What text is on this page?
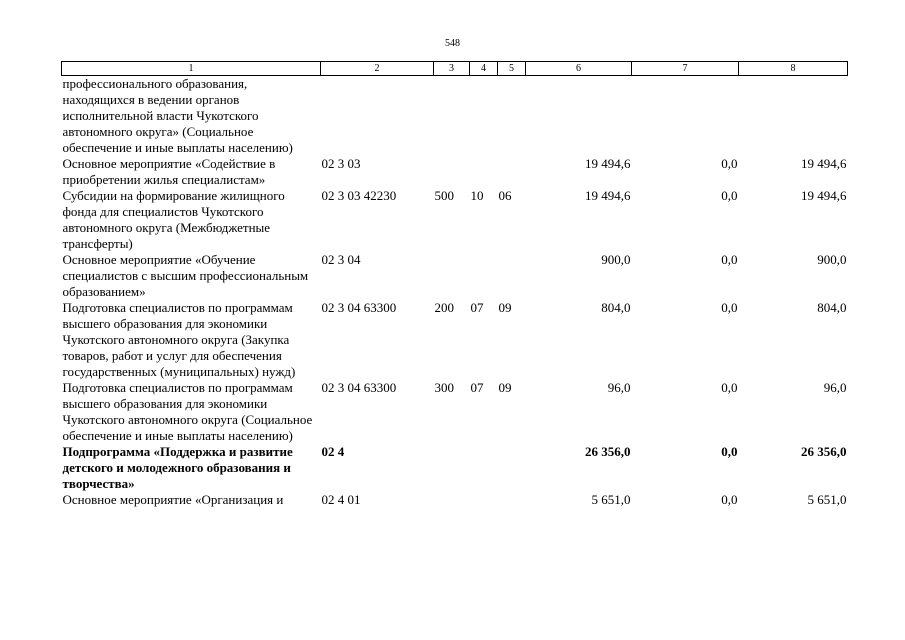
548
1	2	3	4	5	6	7	8
профессионального образования, находящихся в ведении органов исполнительной власти Чукотского автономного округа» (Социальное обеспечение и иные выплаты населению)							
Основное мероприятие «Содействие в приобретении жилья специалистам»	02 3 03				19 494,6	0,0	19 494,6
Субсидии на формирование жилищного фонда для специалистов Чукотского автономного округа (Межбюджетные трансферты)	02 3 03 42230	500	10	06	19 494,6	0,0	19 494,6
Основное мероприятие «Обучение специалистов с высшим профессиональным образованием»	02 3 04				900,0	0,0	900,0
Подготовка специалистов по программам высшего образования для экономики Чукотского автономного округа (Закупка товаров, работ и услуг для обеспечения государственных (муниципальных) нужд)	02 3 04 63300	200	07	09	804,0	0,0	804,0
Подготовка специалистов по программам высшего образования для экономики Чукотского автономного округа (Социальное обеспечение и иные выплаты населению)	02 3 04 63300	300	07	09	96,0	0,0	96,0
Подпрограмма «Поддержка и развитие детского и молодежного образования и творчества»	02 4				26 356,0	0,0	26 356,0
Основное мероприятие «Организация и	02 4 01				5 651,0	0,0	5 651,0
